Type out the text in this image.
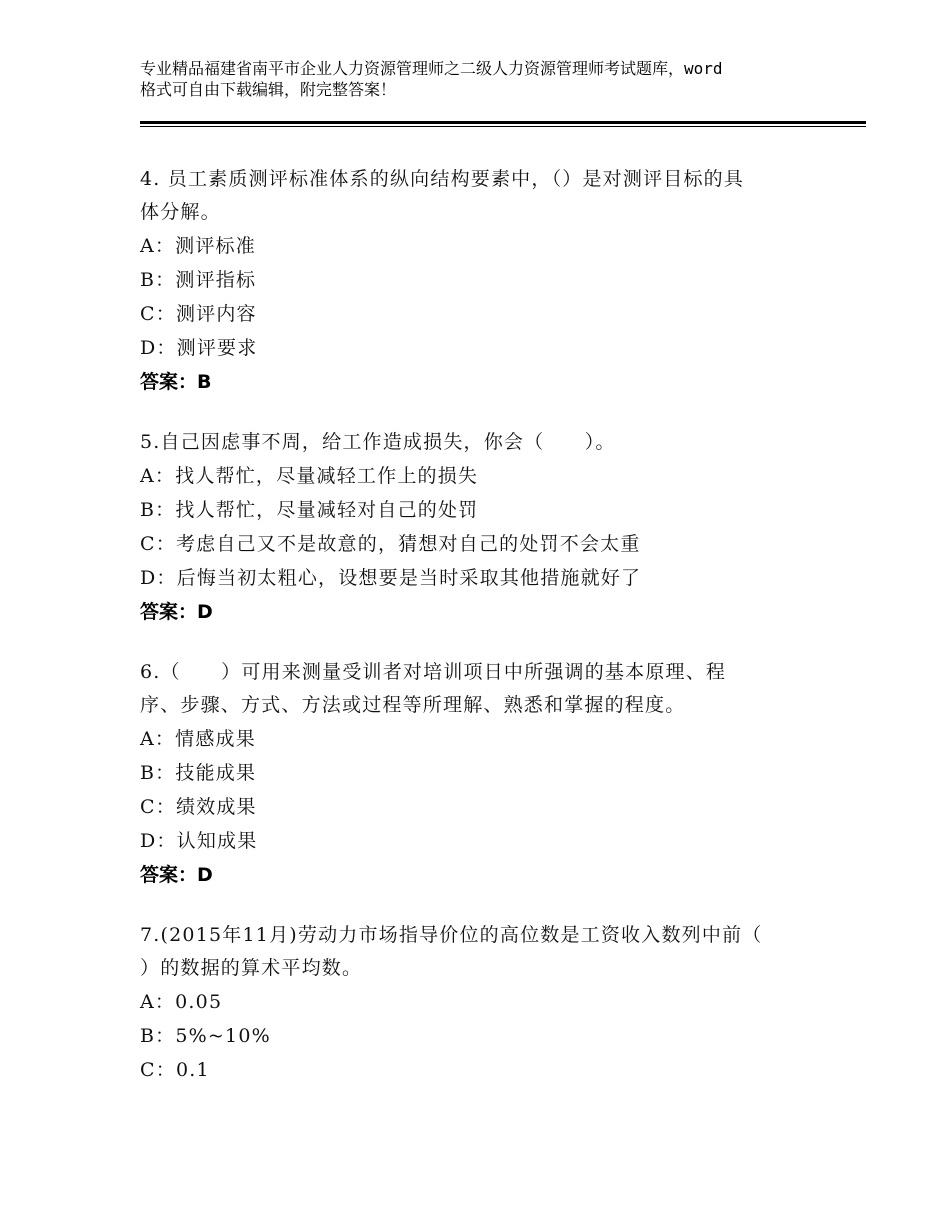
专业精品福建省南平市企业人力资源管理师之二级人力资源管理师考试题库，word
格式可自由下载编辑，附完整答案！
4. 员工素质测评标准体系的纵向结构要素中，（）是对测评目标的具
体分解。
A：测评标准
B：测评指标
C：测评内容
D：测评要求
答案：B
5.自己因虑事不周，给工作造成损失，你会（　　）。
A：找人帮忙，尽量减轻工作上的损失
B：找人帮忙，尽量减轻对自己的处罚
C：考虑自己又不是故意的，猜想对自己的处罚不会太重
D：后悔当初太粗心，设想要是当时采取其他措施就好了
答案：D
6.（　　）可用来测量受训者对培训项日中所强调的基本原理、程
序、步骤、方式、方法或过程等所理解、熟悉和掌握的程度。
A：情感成果
B：技能成果
C：绩效成果
D：认知成果
答案：D
7.(2015年11月)劳动力市场指导价位的高位数是工资收入数列中前（
）的数据的算术平均数。
A：0.05
B：5%~10%
C：0.1
